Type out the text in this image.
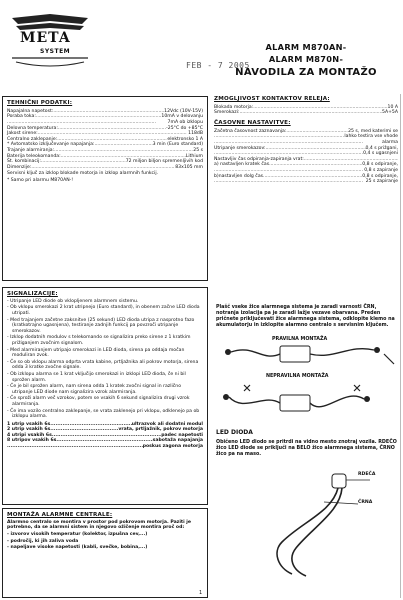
META
SYSTEM
FEB - 7 2005
ALARM M870AN-
ALARM M870N-
NAVODILA ZA MONTAŽO
TEHNIČNI PODATKI:
Napajalna napetost: .....	12Vdc (10V-15V)
Poraba toka: .....	10mA v delovanju
.....
7mA ob izklopu
Delovna temperatura: .....	-25°C do +85°C
Jakost sirene: .....	118dB
Centralno zaklepanje: .....	elektronsko 1 A
* Avtomatsko izključevanje napajanja: .....	3 min (Euro standard)
Trajanje alarmiranja: .....	25 s
Baterija teleokomanda: .....	Lithium
Št. kombinacij: .....	72 miljon biljon spremenljivih kod
Dimenzije: .....	83x105 mm
Servisni ključ za izklop blokade motorja in izklop alarmnih funkcij.
* Samo pri alarmu M870AN-!
ZMOGLJIVOST KONTAKTOV RELEJA:
Blokada motorja: .....	10 A
Smerokazi: .....	5A+5A
ČASOVNE NASTAVITVE:
Začetna časovnost zaznavanja: .....	25 s, med katerimi se
.....
lahko testira vse vhode
.....
alarma
Utripanje smerokazov: .....	0,4 s prižgani,
.....
0,4 s ugasnjeni
Nastavljiv čas odpiranja-zapiranja vrat:
.....
a) nastavljen kratek čas .....	0,8 s odpiranje,
.....
0,8 s zapiranje
b)nastavljen dolg čas .....	0,8 s odpiranje,
.....
25 s zapiranje
SIGNALIZACIJE:
- Utripanje LED diode ob vklopljenem alarmnem sistemu.
- Ob vklopu smerokazi 2 krat utripnejo (Euro standard), in obenem začne LED dioda utripati.
- Med trajanjem začetne zaksnitve (25 sekund) LED dioda utripa z nasprotno fazo (kratkotrajno ugasnjena), testiranje zadnjih funkcij pa povzroči utripanje smerokazov.
- Izklop dodatnih modulov s telekomando se signalizira preko sirene z 1 kratkim prižiganjem zvočnim signalom.
- Med alarmiranjem utripajo smerokazi in LED dioda, sirena pa oddaja močan moduliran zvok.
- Če so ob vklopu alarma odprta vrata kabine, prtljažnika ali pokrov motorja, sirena odda 3 kratke zvočne signale.
- Ob izklopu alarma se 1 krat vključijo smerokazi in izklopi LED dioda, če ni bil sprožen alarm.
- Če je bil sprožen alarm, nam sirena odda 1 kratek zvočni signal in različno utripanje LED diode nam signalizira vzrok alarmiranja.
- Če sproži alarm več vzrokov, potem se vsakih 6 sekund signalizira drugi vzrok alarmiranja.
- Če ima vozilo centralno zaklepanje, se vrata zaklenejo pri vklopu, odklenejo pa ob izklopu alarma.
1 utrip vsakih 6s .....	ultrazvok ali dodatni modul
2 utrip vsakih 6s .....	vrata, prtljažnik, pokrov motorja
4 utripi vsakih 6s .....	padec napetosti
8 utripov vsakih 6s .....	sabotaža napajanja
.....
poskus zagona motorja
MONTAŽA ALARMNE CENTRALE:
Alarmno centralo se montira v prostor pod pokrovom motorja. Paziti je potrebno, da se alarmni sistem in njegovo ožičenje montira proč od:
- izvorov visokih temperatur (kolektor, izpušna cev,...)
- področij, ki jih zaliva voda
- napeljave visoke napetosti (kabli, svečke, bobina,...)
Plašč vseke žice alarmnega sistema je zaradi varnosti ČRN, notranja izolacija pa je zaradi lažje vezave obarvana. Preden pričnete priključevati žice alarmnega sistema, odklopite klemo na akumulatorju in izklopite alarmno centralo s servisnim ključem.
PRAVILNA MONTAŽA
NEPRAVILNA MONTAŽA
LED DIODA
Običeno LED diodo se pritrdi na vidno mesto znotraj vozila. RDEČO žico LED diode se priključi na BELO žico alarmnega sistema, ČRNO žico pa na maso.
RDEČA
ČRNA
1
